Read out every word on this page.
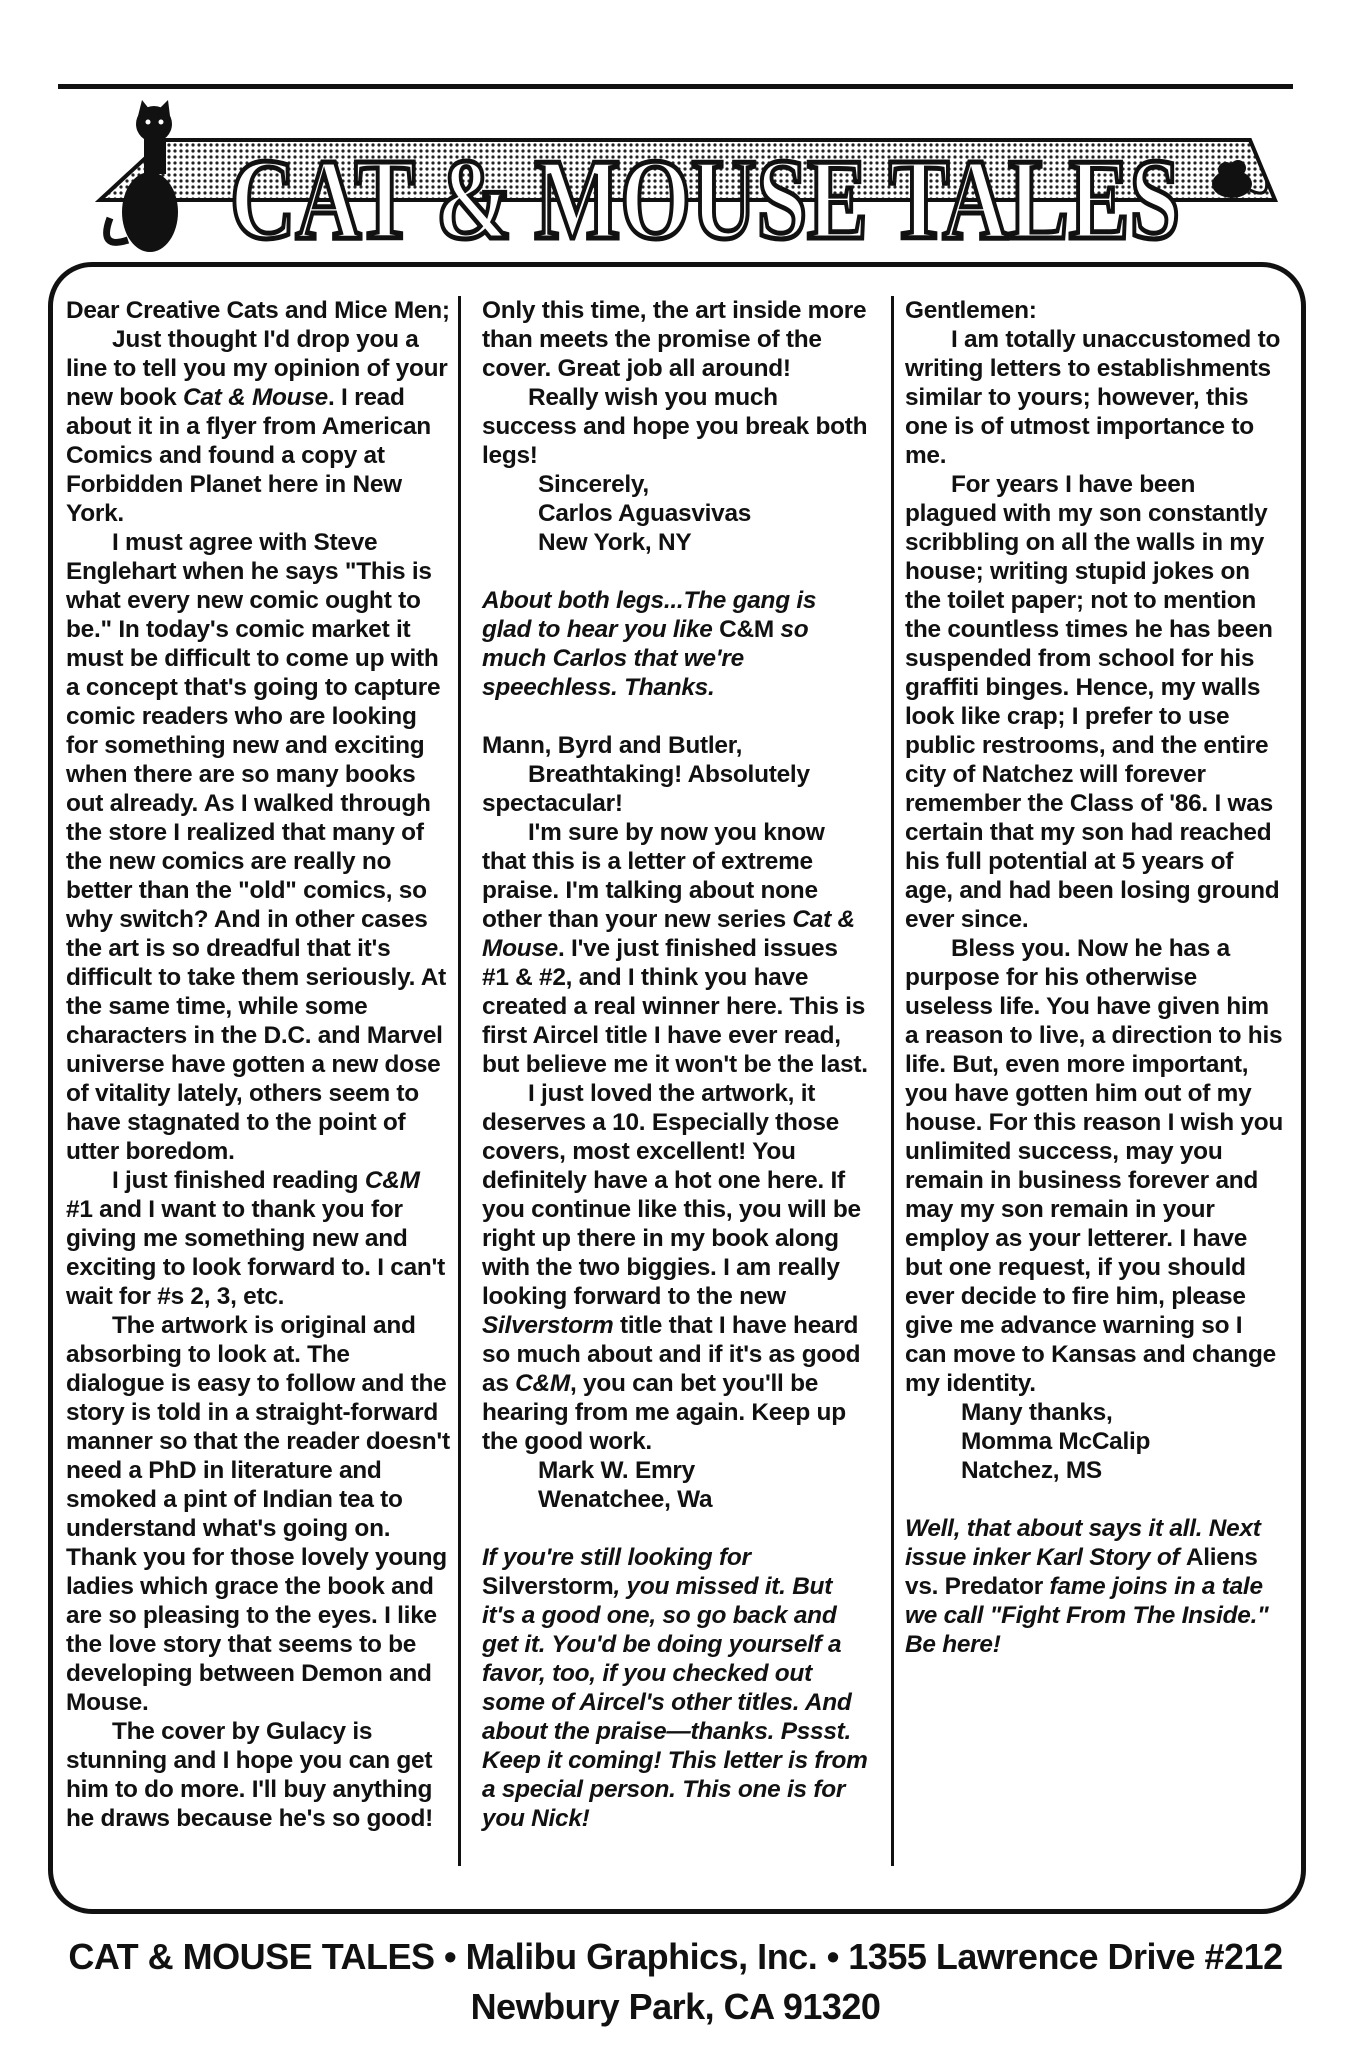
CAT & MOUSE TALES

Dear Creative Cats and Mice Men;

Just thought I'd drop you a line to tell you my opinion of your new book Cat & Mouse. I read about it in a flyer from American Comics and found a copy at Forbidden Planet here in New York.

I must agree with Steve Englehart when he says "This is what every new comic ought to be." In today's comic market it must be difficult to come up with a concept that's going to capture comic readers who are looking for something new and exciting when there are so many books out already. As I walked through the store I realized that many of the new comics are really no better than the "old" comics, so why switch? And in other cases the art is so dreadful that it's difficult to take them seriously. At the same time, while some characters in the D.C. and Marvel universe have gotten a new dose of vitality lately, others seem to have stagnated to the point of utter boredom.

I just finished reading C&M #1 and I want to thank you for giving me something new and exciting to look forward to. I can't wait for #s 2, 3, etc.

The artwork is original and absorbing to look at. The dialogue is easy to follow and the story is told in a straight-forward manner so that the reader doesn't need a PhD in literature and smoked a pint of Indian tea to understand what's going on. Thank you for those lovely young ladies which grace the book and are so pleasing to the eyes. I like the love story that seems to be developing between Demon and Mouse.

The cover by Gulacy is stunning and I hope you can get him to do more. I'll buy anything he draws because he's so good!

Only this time, the art inside more than meets the promise of the cover. Great job all around!

Really wish you much success and hope you break both legs!

Sincerely,

Carlos Aguasvivas

New York, NY

About both legs...The gang is glad to hear you like C&M so much Carlos that we're speechless. Thanks.

Mann, Byrd and Butler,

Breathtaking! Absolutely spectacular!

I'm sure by now you know that this is a letter of extreme praise. I'm talking about none other than your new series Cat & Mouse. I've just finished issues #1 & #2, and I think you have created a real winner here. This is first Aircel title I have ever read, but believe me it won't be the last.

I just loved the artwork, it deserves a 10. Especially those covers, most excellent! You definitely have a hot one here. If you continue like this, you will be right up there in my book along with the two biggies. I am really looking forward to the new Silverstorm title that I have heard so much about and if it's as good as C&M, you can bet you'll be hearing from me again. Keep up the good work.

Mark W. Emry

Wenatchee, Wa

If you're still looking for Silverstorm, you missed it. But it's a good one, so go back and get it. You'd be doing yourself a favor, too, if you checked out some of Aircel's other titles. And about the praise—thanks. Pssst. Keep it coming! This letter is from a special person. This one is for you Nick!

Gentlemen:

I am totally unaccustomed to writing letters to establishments similar to yours; however, this one is of utmost importance to me.

For years I have been plagued with my son constantly scribbling on all the walls in my house; writing stupid jokes on the toilet paper; not to mention the countless times he has been suspended from school for his graffiti binges. Hence, my walls look like crap; I prefer to use public restrooms, and the entire city of Natchez will forever remember the Class of '86. I was certain that my son had reached his full potential at 5 years of age, and had been losing ground ever since.

Bless you. Now he has a purpose for his otherwise useless life. You have given him a reason to live, a direction to his life. But, even more important, you have gotten him out of my house. For this reason I wish you unlimited success, may you remain in business forever and may my son remain in your employ as your letterer. I have but one request, if you should ever decide to fire him, please give me advance warning so I can move to Kansas and change my identity.

Many thanks,

Momma McCalip

Natchez, MS

Well, that about says it all. Next issue inker Karl Story of Aliens vs. Predator fame joins in a tale we call "Fight From The Inside." Be here!

CAT & MOUSE TALES • Malibu Graphics, Inc. • 1355 Lawrence Drive #212
Newbury Park, CA 91320
